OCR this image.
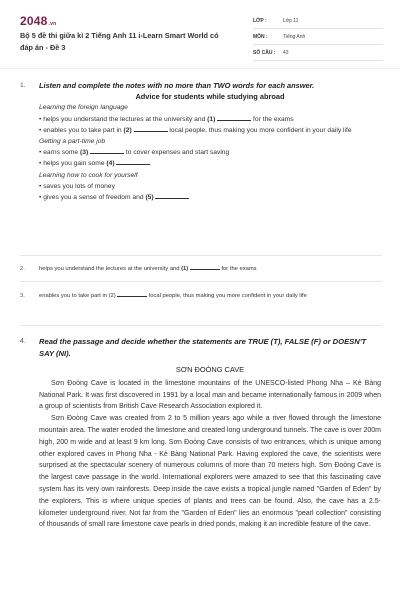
2048.vn
Bộ 5 đề thi giữa kì 2 Tiếng Anh 11 i-Learn Smart World có đáp án - Đề 3
LỚP :	Lớp 11
MÔN :	Tiếng Anh
SỐ CÂU :	43
1.	Listen and complete the notes with no more than TWO words for each answer.
Advice for students while studying abroad
Learning the foreign language
• helps you understand the lectures at the university and (1)	for the exams
• enables you to take part in (2)	local people, thus making you more confident in your daily life
Getting a part-time job
• earns some (3)	to cover expenses and start saving
• helps you gain some (4)
Learning how to cook for yourself
• saves you lots of money
• gives you a sense of freedom and (5)
2.	helps you understand the lectures at the university and (1)	for the exams
3.	enables you to take part in (2)	local people, thus making you more confident in your daily life
4.	Read the passage and decide whether the statements are TRUE (T), FALSE (F) or DOESN'T SAY (NI).
SƠN ĐOÒNG CAVE

Sơn Đoòng Cave is located in the limestone mountains of the UNESCO-listed Phong Nha – Kẻ Bàng National Park. It was first discovered in 1991 by a local man and became internationally famous in 2009 when a group of scientists from British Cave Research Association explored it.

Sơn Đoòng Cave was created from 2 to 5 million years ago while a river flowed through the limestone mountain area. The water eroded the limestone and created long underground tunnels. The cave is over 200m high, 200 m wide and at least 9 km long. Sơn Đoòng Cave consists of two entrances, which is unique among other explored caves in Phong Nha - Kẻ Bàng National Park. Having explored the cave, the scientists were surprised at the spectacular scenery of numerous columns of more than 70 meters high. Sơn Đoòng Cave is the largest cave passage in the world. International explorers were amazed to see that this fascinating cave system has its very own rainforests. Deep inside the cave exists a tropical jungle named "Garden of Eden" by the explorers. This is where unique species of plants and trees can be found. Also, the cave has a 2.5-kilometer underground river. Not far from the "Garden of Eden" lies an enormous "pearl collection" consisting of thousands of small rare limestone cave pearls in dried ponds, making it an incredible feature of the cave.
